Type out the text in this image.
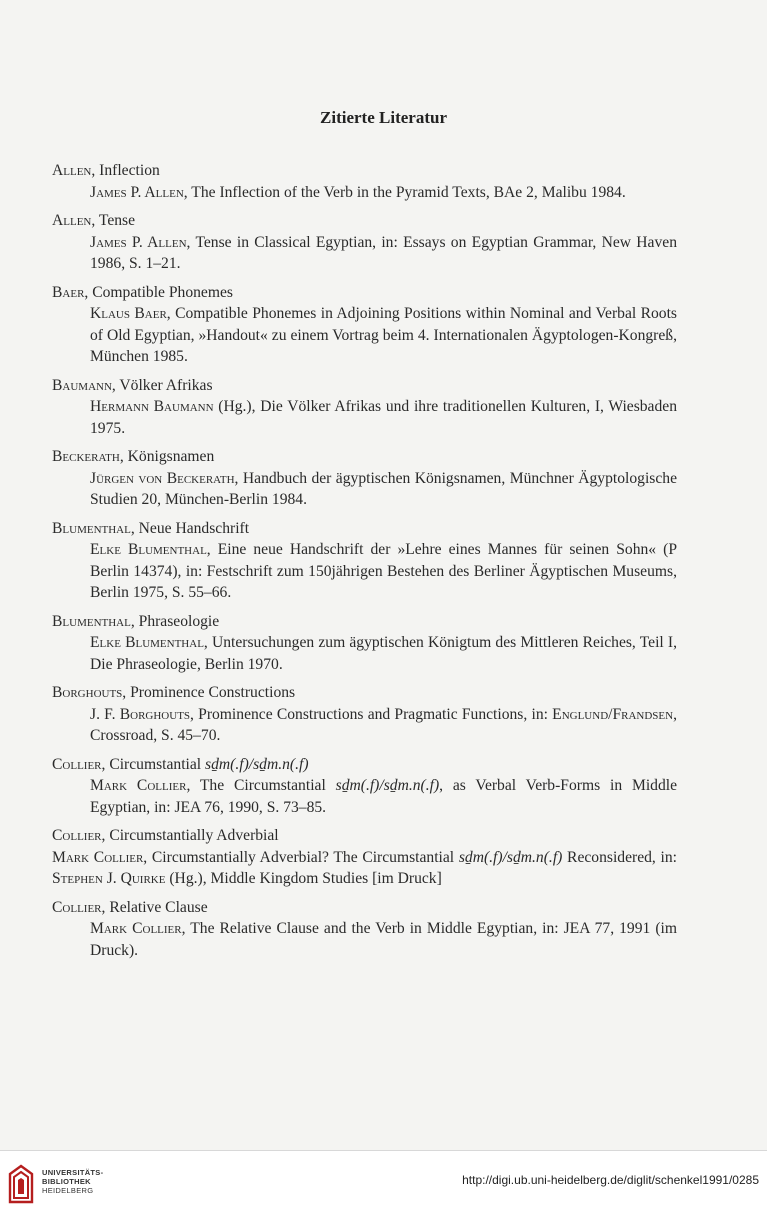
Zitierte Literatur
Allen, Inflection
James P. Allen, The Inflection of the Verb in the Pyramid Texts, BAe 2, Malibu 1984.
Allen, Tense
James P. Allen, Tense in Classical Egyptian, in: Essays on Egyptian Grammar, New Haven 1986, S. 1–21.
Baer, Compatible Phonemes
Klaus Baer, Compatible Phonemes in Adjoining Positions within Nominal and Verbal Roots of Old Egyptian, »Handout« zu einem Vortrag beim 4. Internationalen Ägyptologen-Kongreß, München 1985.
Baumann, Völker Afrikas
Hermann Baumann (Hg.), Die Völker Afrikas und ihre traditionellen Kulturen, I, Wiesbaden 1975.
Beckerath, Königsnamen
Jürgen von Beckerath, Handbuch der ägyptischen Königsnamen, Münchner Ägyptologische Studien 20, München-Berlin 1984.
Blumenthal, Neue Handschrift
Elke Blumenthal, Eine neue Handschrift der »Lehre eines Mannes für seinen Sohn« (P Berlin 14374), in: Festschrift zum 150jährigen Bestehen des Berliner Ägyptischen Museums, Berlin 1975, S. 55–66.
Blumenthal, Phraseologie
Elke Blumenthal, Untersuchungen zum ägyptischen Königtum des Mittleren Reiches, Teil I, Die Phraseologie, Berlin 1970.
Borghouts, Prominence Constructions
J. F. Borghouts, Prominence Constructions and Pragmatic Functions, in: Englund/Frandsen, Crossroad, S. 45–70.
Collier, Circumstantial sḏm(.f)/sḏm.n(.f)
Mark Collier, The Circumstantial sḏm(.f)/sḏm.n(.f), as Verbal Verb-Forms in Middle Egyptian, in: JEA 76, 1990, S. 73–85.
Collier, Circumstantially Adverbial
Mark Collier, Circumstantially Adverbial? The Circumstantial sḏm(.f)/sḏm.n(.f) Reconsidered, in: Stephen J. Quirke (Hg.), Middle Kingdom Studies [im Druck]
Collier, Relative Clause
Mark Collier, The Relative Clause and the Verb in Middle Egyptian, in: JEA 77, 1991 (im Druck).
UNIVERSITÄTS-
BIBLIOTHEK
HEIDELBERG
http://digi.ub.uni-heidelberg.de/diglit/schenkel1991/0285
